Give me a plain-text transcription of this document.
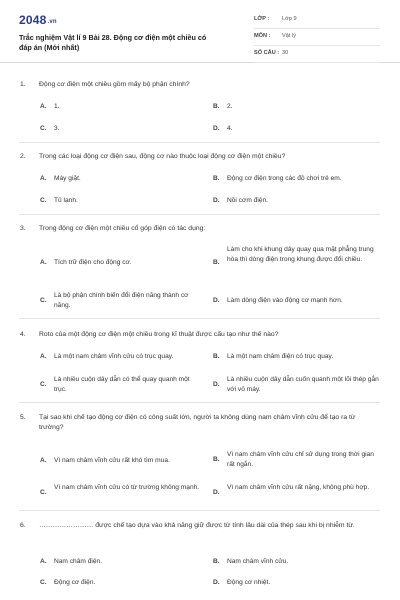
2048.vn
Trắc nghiệm Vật lí 9 Bài 28. Động cơ điện một chiều có đáp án (Mới nhất)
LỚP : Lớp 9
MÔN : Vật lý
SỐ CÂU : 30
1. Động cơ điện một chiều gồm mấy bộ phận chính?
A. 1.	B. 2.
C. 3.	D. 4.
2. Trong các loại động cơ điện sau, động cơ nào thuộc loại động cơ điện một chiều?
A. Máy giặt.	B. Động cơ điện trong các đồ chơi trẻ em.
C. Tủ lạnh.	D. Nồi cơm điện.
3. Trong động cơ điện một chiều cổ góp điện có tác dụng:
A. Tích trữ điện cho động cơ.	B.
Làm cho khi khung dây quay qua mặt phẳng trung hòa thì dòng điện trong khung được đổi chiều.
C.
Là bộ phận chính biến đổi điện năng thành cơ năng.
D. Làm dòng điện vào động cơ mạnh hơn.
4. Roto của một động cơ điện một chiều trong kĩ thuật được cấu tạo như thế nào?
A. Là một nam châm vĩnh cửu có trục quay.	B. Là một nam châm điện có trục quay.
C.
Là nhiều cuộn dây dẫn có thể quay quanh một trục.
D.
Là nhiều cuộn dây dẫn cuốn quanh một lõi thép gắn với vỏ máy.
5. Tại sao khi chế tạo động cơ điện có công suất lớn, người ta không dùng nam châm vĩnh cửu để tạo ra từ trường?
A. Vì nam châm vĩnh cửu rất khó tìm mua.	B.
Vì nam châm vĩnh cửu chỉ sử dụng trong thời gian rất ngắn.
C.
Vì nam châm vĩnh cửu có từ trường không mạnh.
D.
Vì nam châm vĩnh cửu rất nặng, không phù hợp.
6. …………………… được chế tạo dựa vào khả năng giữ được từ tính lâu dài của thép sau khi bị nhiễm từ.
A. Nam châm điện.	B. Nam châm vĩnh cửu.
C. Động cơ điện.	D. Động cơ nhiệt.
